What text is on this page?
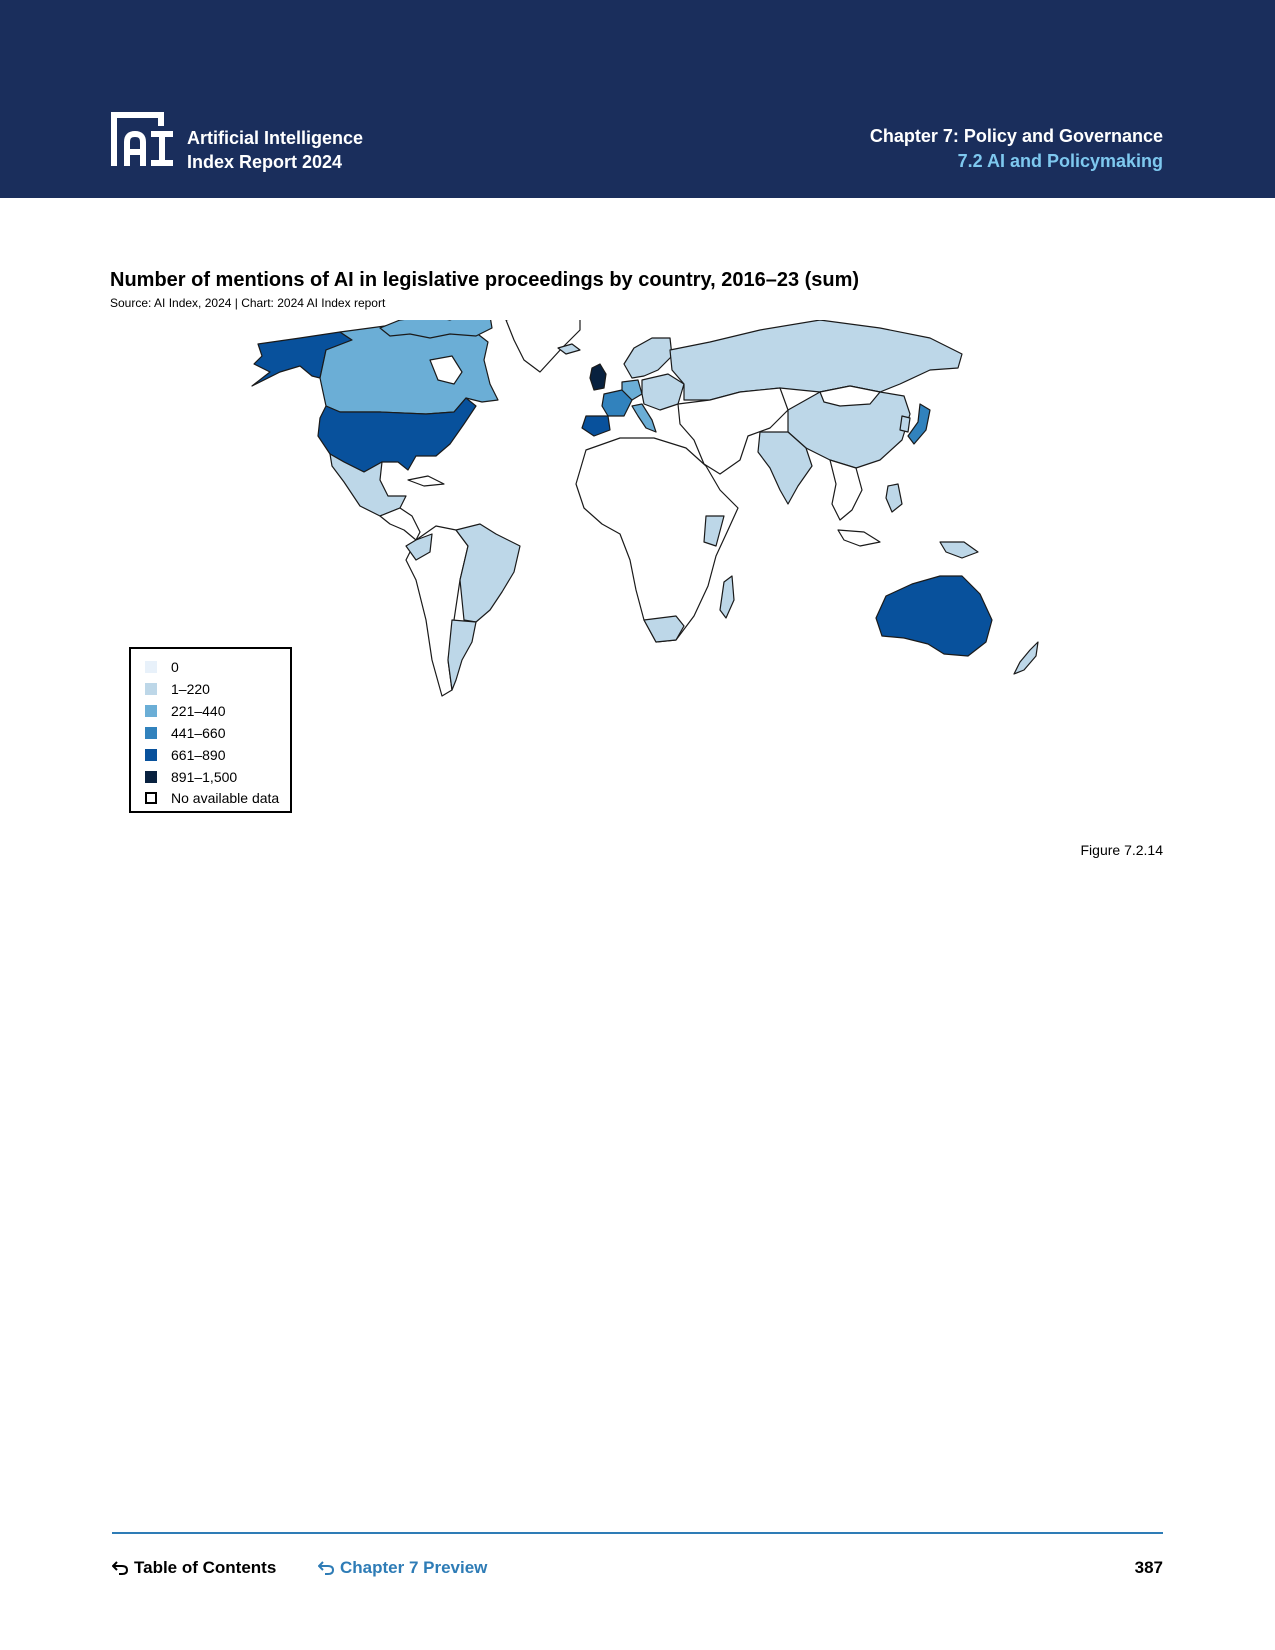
Artificial Intelligence
Index Report 2024
Chapter 7: Policy and Governance
7.2 AI and Policymaking
Number of mentions of AI in legislative proceedings by country, 2016–23 (sum)
Source: AI Index, 2024 | Chart: 2024 AI Index report
0
1–220
221–440
441–660
661–890
891–1,500
No available data
Figure 7.2.14
Table of Contents	Chapter 7 Preview	387
